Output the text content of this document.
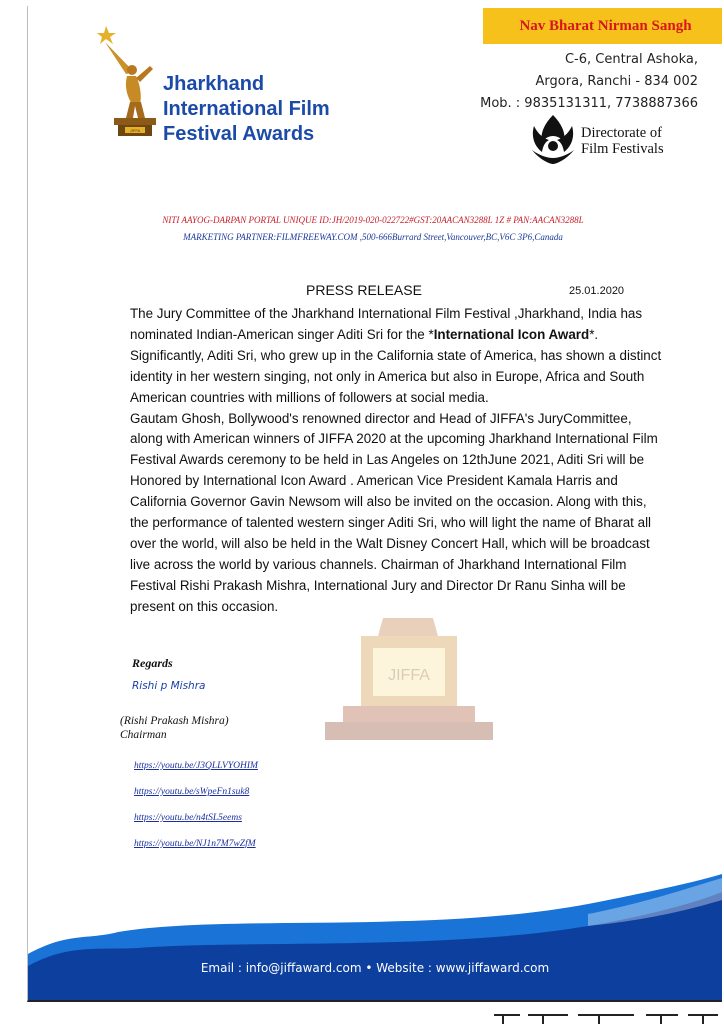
Nav Bharat Nirman Sangh
JIFFA
Jharkhand
International Film
Festival Awards
C-6, Central Ashoka,
Argora, Ranchi - 834 002
Mob. : 9835131311, 7738887366
Directorate of
Film Festivals
NITI AAYOG-DARPAN PORTAL UNIQUE ID:JH/2019-020-022722#GST:20AACAN3288L 1Z # PAN:AACAN3288L
MARKETING PARTNER:FILMFREEWAY.COM ,500-666Burrard Street,Vancouver,BC,V6C 3P6,Canada
PRESS RELEASE	25.01.2020
JIFFA
The Jury Committee of the Jharkhand International Film Festival ,Jharkhand, India has nominated Indian-American singer Aditi Sri for the *International Icon Award*. Significantly, Aditi Sri, who grew up in the California state of America, has shown a distinct identity in her western singing, not only in America but also in Europe, Africa and South American countries with millions of followers at social media.
Gautam Ghosh, Bollywood's renowned director and Head of JIFFA's JuryCommittee, along with American winners of JIFFA 2020 at the upcoming Jharkhand International Film Festival Awards ceremony to be held in Las Angeles on 12thJune 2021, Aditi Sri will be Honored by International Icon Award . American Vice President Kamala Harris and California Governor Gavin Newsom will also be invited on the occasion. Along with this, the performance of talented western singer Aditi Sri, who will light the name of Bharat all over the world, will also be held in the Walt Disney Concert Hall, which will be broadcast live across the world by various channels. Chairman of Jharkhand International Film Festival Rishi Prakash Mishra, International Jury and Director Dr Ranu Sinha will be present on this occasion.
Regards
Rishi p Mishra
(Rishi Prakash Mishra)
Chairman
https://youtu.be/J3QLLVYOHIM
https://youtu.be/sWpeFn1suk8
https://youtu.be/n4tSL5eems
https://youtu.be/NJ1n7M7wZfM
Email : info@jiffaward.com • Website : www.jiffaward.com
